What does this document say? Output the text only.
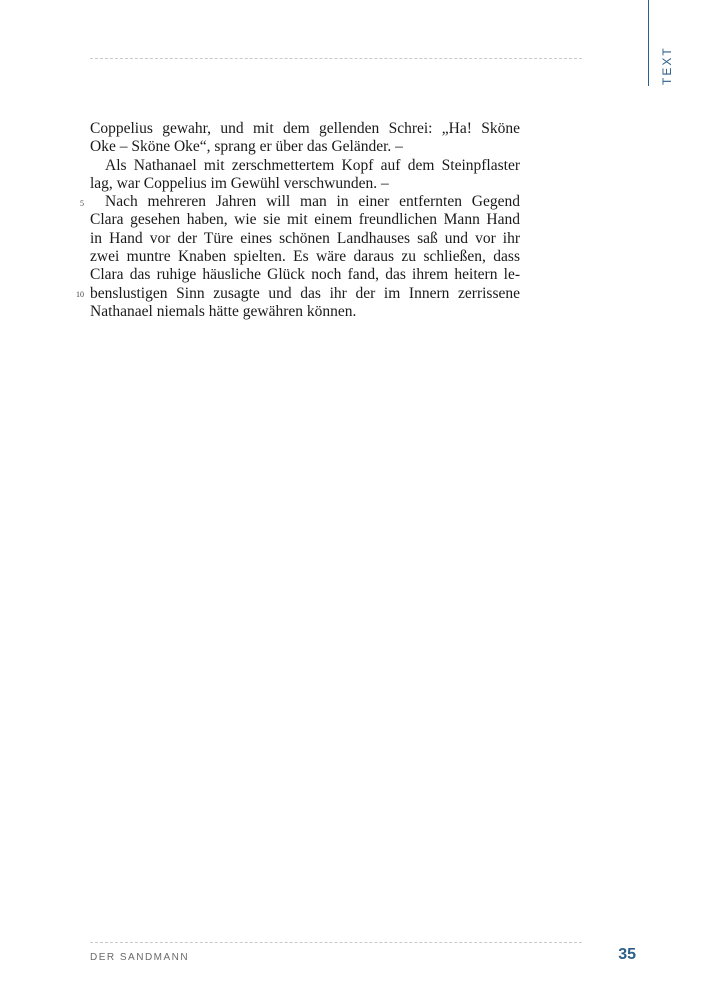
TEXT
5
10
Coppelius gewahr, und mit dem gellenden Schrei: „Ha! Sköne
Oke – Sköne Oke“, sprang er über das Geländer. –
Als Nathanael mit zerschmettertem Kopf auf dem Steinpflaster
lag, war Coppelius im Gewühl verschwunden. –
Nach mehreren Jahren will man in einer entfernten Gegend
Clara gesehen haben, wie sie mit einem freundlichen Mann Hand
in Hand vor der Türe eines schönen Landhauses saß und vor ihr
zwei muntre Knaben spielten. Es wäre daraus zu schließen, dass
Clara das ruhige häusliche Glück noch fand, das ihrem heitern le-
benslustigen Sinn zusagte und das ihr der im Innern zerrissene
Nathanael niemals hätte gewähren können.
DER SANDMANN	35
